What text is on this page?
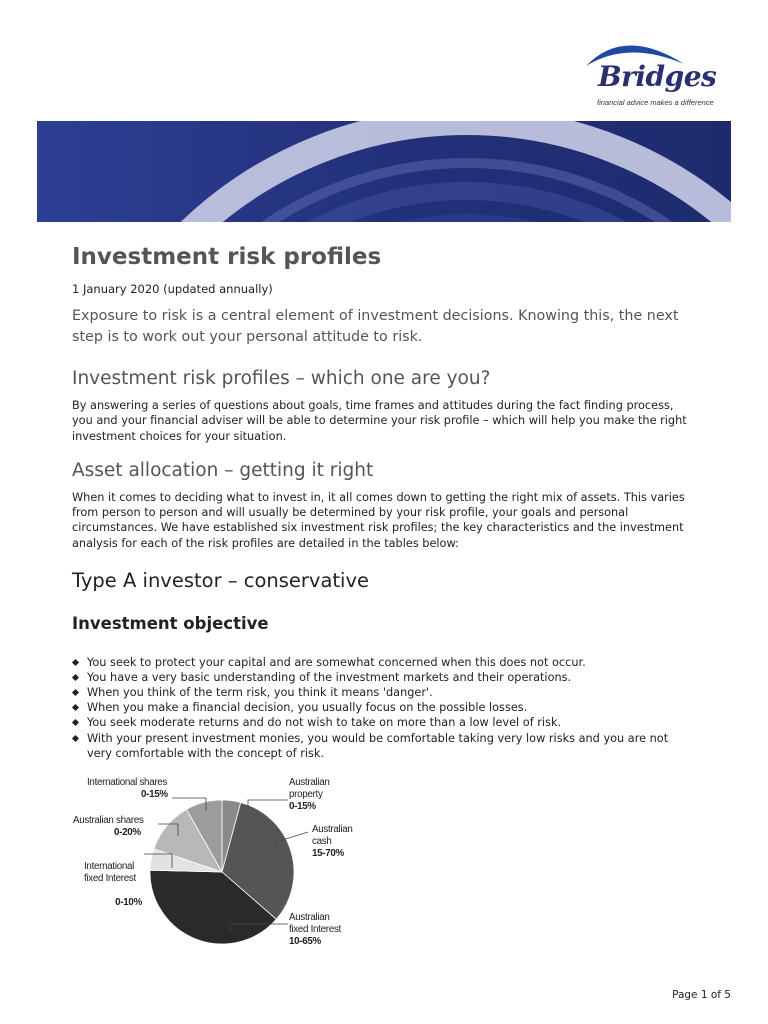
Bridges
financial advice makes a difference
Investment risk profiles

1 January 2020 (updated annually)

Exposure to risk is a central element of investment decisions. Knowing this, the next step is to work out your personal attitude to risk.

Investment risk profiles – which one are you?

By answering a series of questions about goals, time frames and attitudes during the fact finding process, you and your financial adviser will be able to determine your risk profile – which will help you make the right investment choices for your situation.

Asset allocation – getting it right

When it comes to deciding what to invest in, it all comes down to getting the right mix of assets. This varies from person to person and will usually be determined by your risk profile, your goals and personal circumstances. We have established six investment risk profiles; the key characteristics and the investment analysis for each of the risk profiles are detailed in the tables below:

Type A investor – conservative
Investment objective
You seek to protect your capital and are somewhat concerned when this does not occur.
You have a very basic understanding of the investment markets and their operations.
When you think of the term risk, you think it means 'danger'.
When you make a financial decision, you usually focus on the possible losses.
You seek moderate returns and do not wish to take on more than a low level of risk.
With your present investment monies, you would be comfortable taking very low risks and you are not very comfortable with the concept of risk.
International shares
0-15%
Australian shares
0-20%

International
fixed Interest

0-10%

Australian
property
0-15%
Australian
cash
15-70%
Australian
fixed Interest
10-65%
Page 1 of 5
